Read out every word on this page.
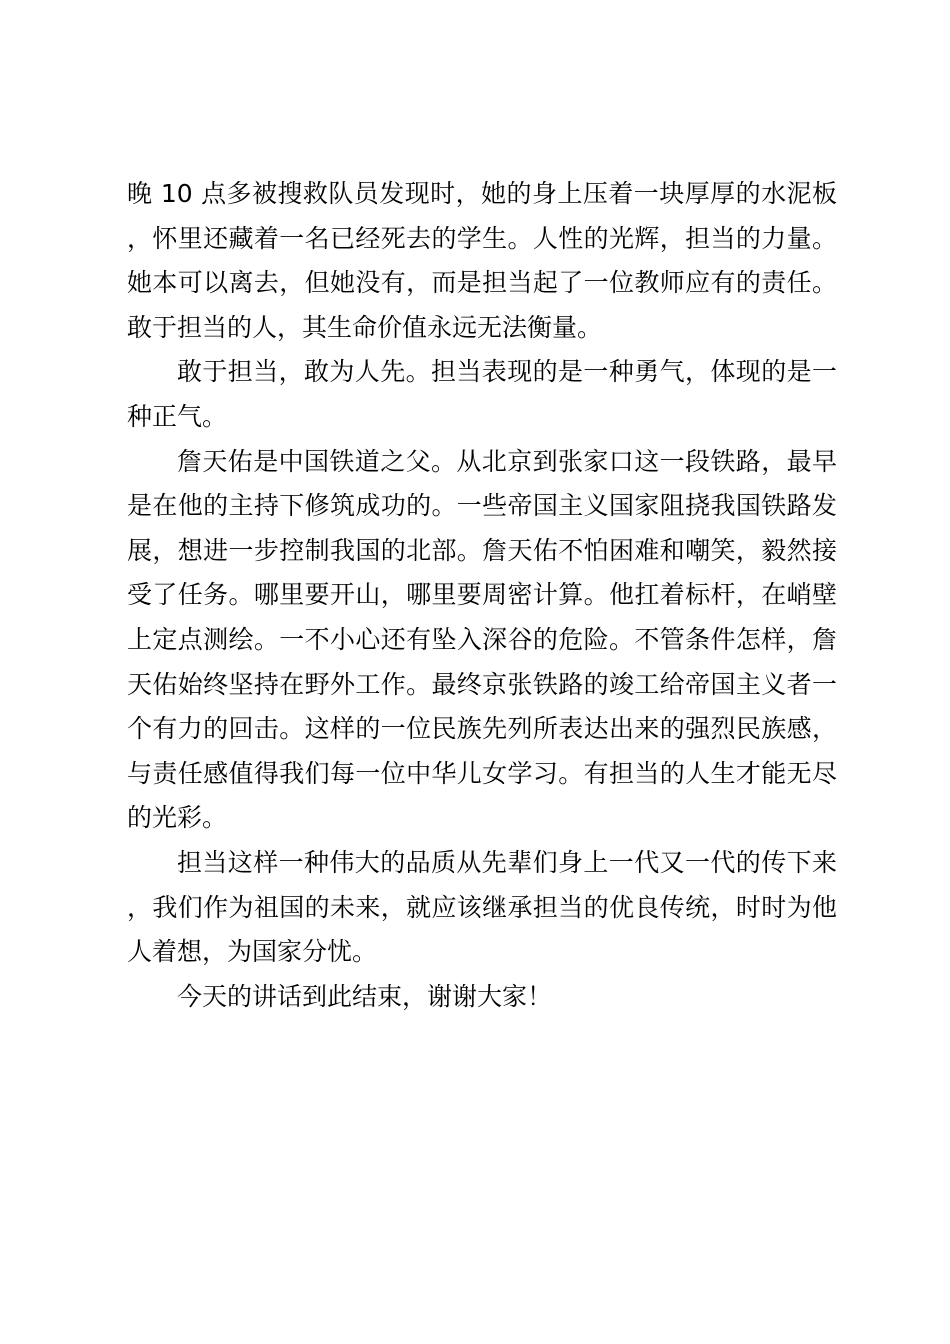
晚 10 点多被搜救队员发现时，她的身上压着一块厚厚的水泥板，怀里还藏着一名已经死去的学生。人性的光辉，担当的力量。她本可以离去，但她没有，而是担当起了一位教师应有的责任。敢于担当的人，其生命价值永远无法衡量。

敢于担当，敢为人先。担当表现的是一种勇气，体现的是一种正气。

詹天佑是中国铁道之父。从北京到张家口这一段铁路，最早是在他的主持下修筑成功的。一些帝国主义国家阻挠我国铁路发展，想进一步控制我国的北部。詹天佑不怕困难和嘲笑，毅然接受了任务。哪里要开山，哪里要周密计算。他扛着标杆，在峭壁上定点测绘。一不小心还有坠入深谷的危险。不管条件怎样，詹天佑始终坚持在野外工作。最终京张铁路的竣工给帝国主义者一个有力的回击。这样的一位民族先列所表达出来的强烈民族感，与责任感值得我们每一位中华儿女学习。有担当的人生才能无尽的光彩。

担当这样一种伟大的品质从先辈们身上一代又一代的传下来，我们作为祖国的未来，就应该继承担当的优良传统，时时为他人着想，为国家分忧。

今天的讲话到此结束，谢谢大家！
